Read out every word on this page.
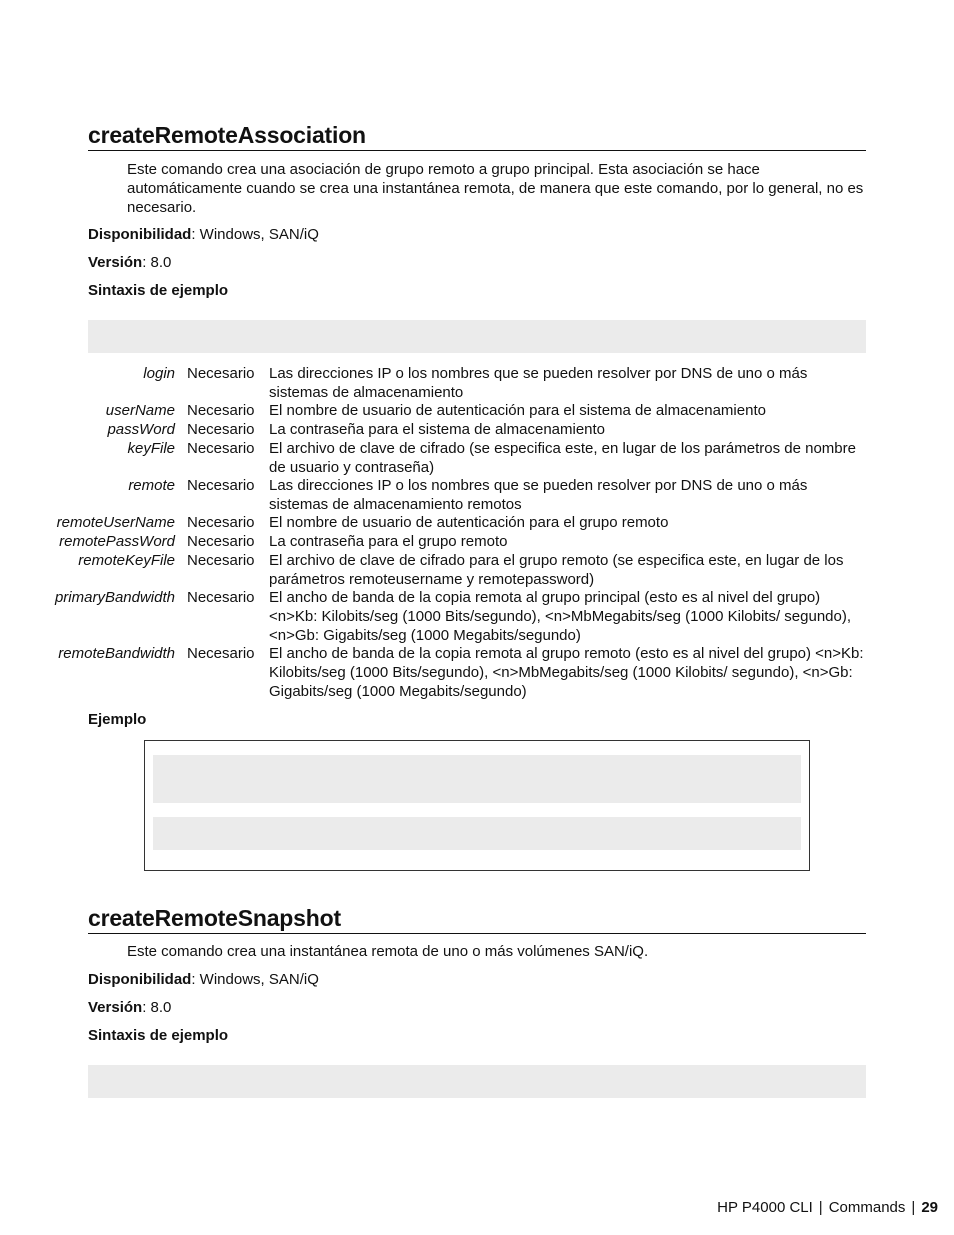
createRemoteAssociation
Este comando crea una asociación de grupo remoto a grupo principal. Esta asociación se hace automáticamente cuando se crea una instantánea remota, de manera que este comando, por lo general, no es necesario.
Disponibilidad: Windows, SAN/iQ
Versión: 8.0
Sintaxis de ejemplo
login Necesario Las direcciones IP o los nombres que se pueden resolver por DNS de uno o más sistemas de almacenamiento
userName Necesario El nombre de usuario de autenticación para el sistema de almacenamiento
passWord Necesario La contraseña para el sistema de almacenamiento
keyFile Necesario El archivo de clave de cifrado (se especifica este, en lugar de los parámetros de nombre de usuario y contraseña)
remote Necesario Las direcciones IP o los nombres que se pueden resolver por DNS de uno o más sistemas de almacenamiento remotos
remoteUserName Necesario El nombre de usuario de autenticación para el grupo remoto
remotePassWord Necesario La contraseña para el grupo remoto
remoteKeyFile Necesario El archivo de clave de cifrado para el grupo remoto (se especifica este, en lugar de los parámetros remoteusername y remotepassword)
primaryBandwidth Necesario El ancho de banda de la copia remota al grupo principal (esto es al nivel del grupo) <n>Kb: Kilobits/seg (1000 Bits/segundo), <n>MbMegabits/seg (1000 Kilobits/ segundo), <n>Gb: Gigabits/seg (1000 Megabits/segundo)
remoteBandwidth Necesario El ancho de banda de la copia remota al grupo remoto (esto es al nivel del grupo) <n>Kb: Kilobits/seg (1000 Bits/segundo), <n>MbMegabits/seg (1000 Kilobits/ segundo), <n>Gb: Gigabits/seg (1000 Megabits/segundo)
Ejemplo
createRemoteSnapshot
Este comando crea una instantánea remota de uno o más volúmenes SAN/iQ.
Disponibilidad: Windows, SAN/iQ
Versión: 8.0
Sintaxis de ejemplo
HP P4000 CLI | Commands | 29
